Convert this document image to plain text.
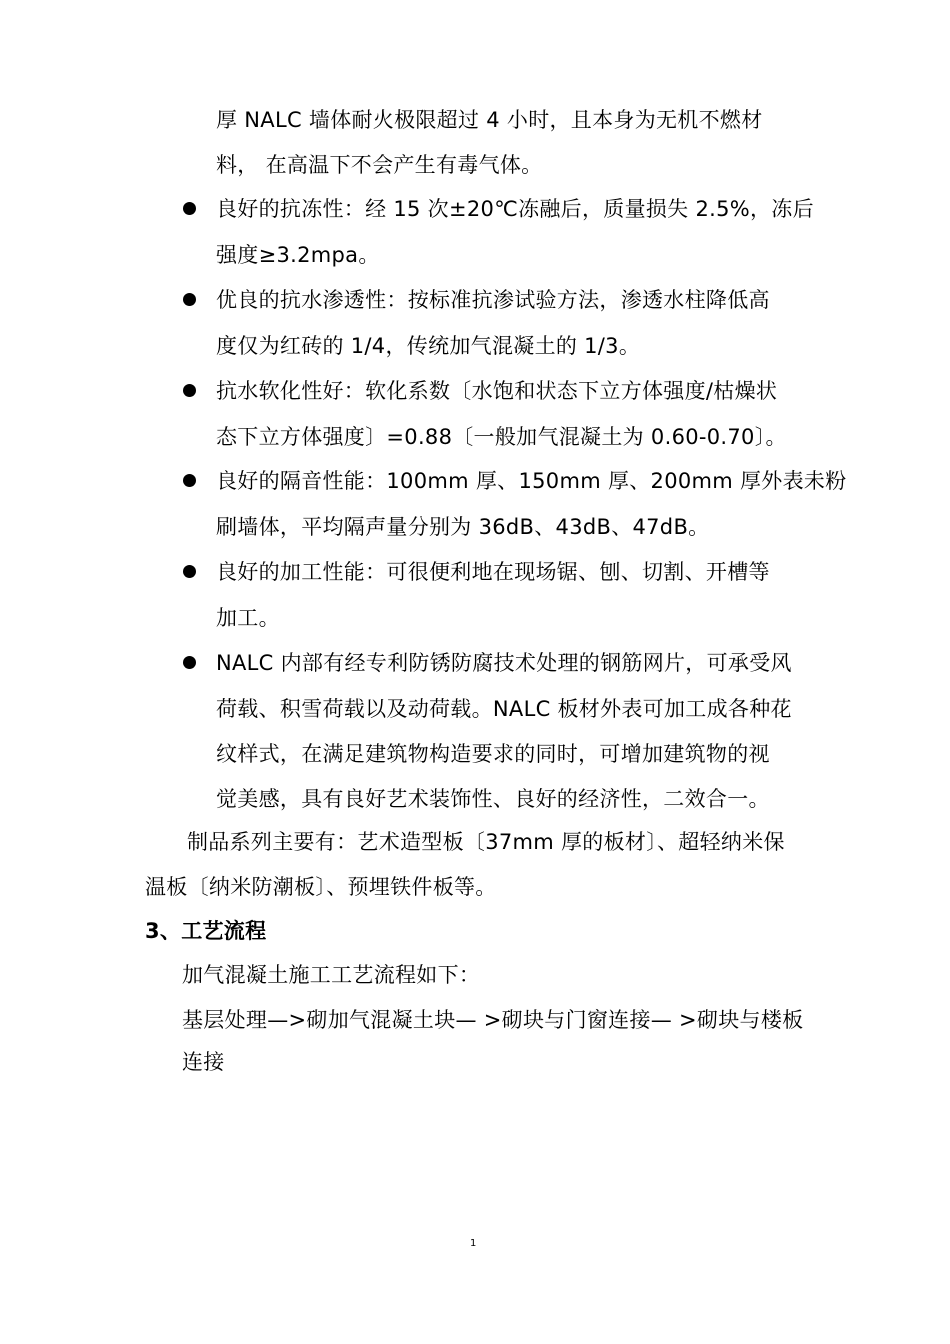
厚 NALC 墙体耐火极限超过 4 小时，且本身为无机不燃材
料， 在高温下不会产生有毒气体。
良好的抗冻性：经 15 次±20℃冻融后，质量损失 2.5%，冻后
强度≥3.2mpa。
优良的抗水渗透性：按标准抗渗试验方法，渗透水柱降低高
度仅为红砖的 1/4，传统加气混凝土的 1/3。
抗水软化性好：软化系数〔水饱和状态下立方体强度/枯燥状
态下立方体强度〕=0.88〔一般加气混凝土为 0.60-0.70〕。
良好的隔音性能：100mm 厚、150mm 厚、200mm 厚外表未粉
刷墙体，平均隔声量分别为 36dB、43dB、47dB。
良好的加工性能：可很便利地在现场锯、刨、切割、开槽等
加工。
NALC 内部有经专利防锈防腐技术处理的钢筋网片，可承受风
荷载、积雪荷载以及动荷载。NALC 板材外表可加工成各种花
纹样式，在满足建筑物构造要求的同时，可增加建筑物的视
觉美感，具有良好艺术装饰性、良好的经济性，二效合一。
制品系列主要有：艺术造型板〔37mm 厚的板材〕、超轻纳米保
温板〔纳米防潮板〕、预埋铁件板等。
3、工艺流程
加气混凝土施工工艺流程如下：
基层处理—>砌加气混凝土块— >砌块与门窗连接— >砌块与楼板
连接
1
